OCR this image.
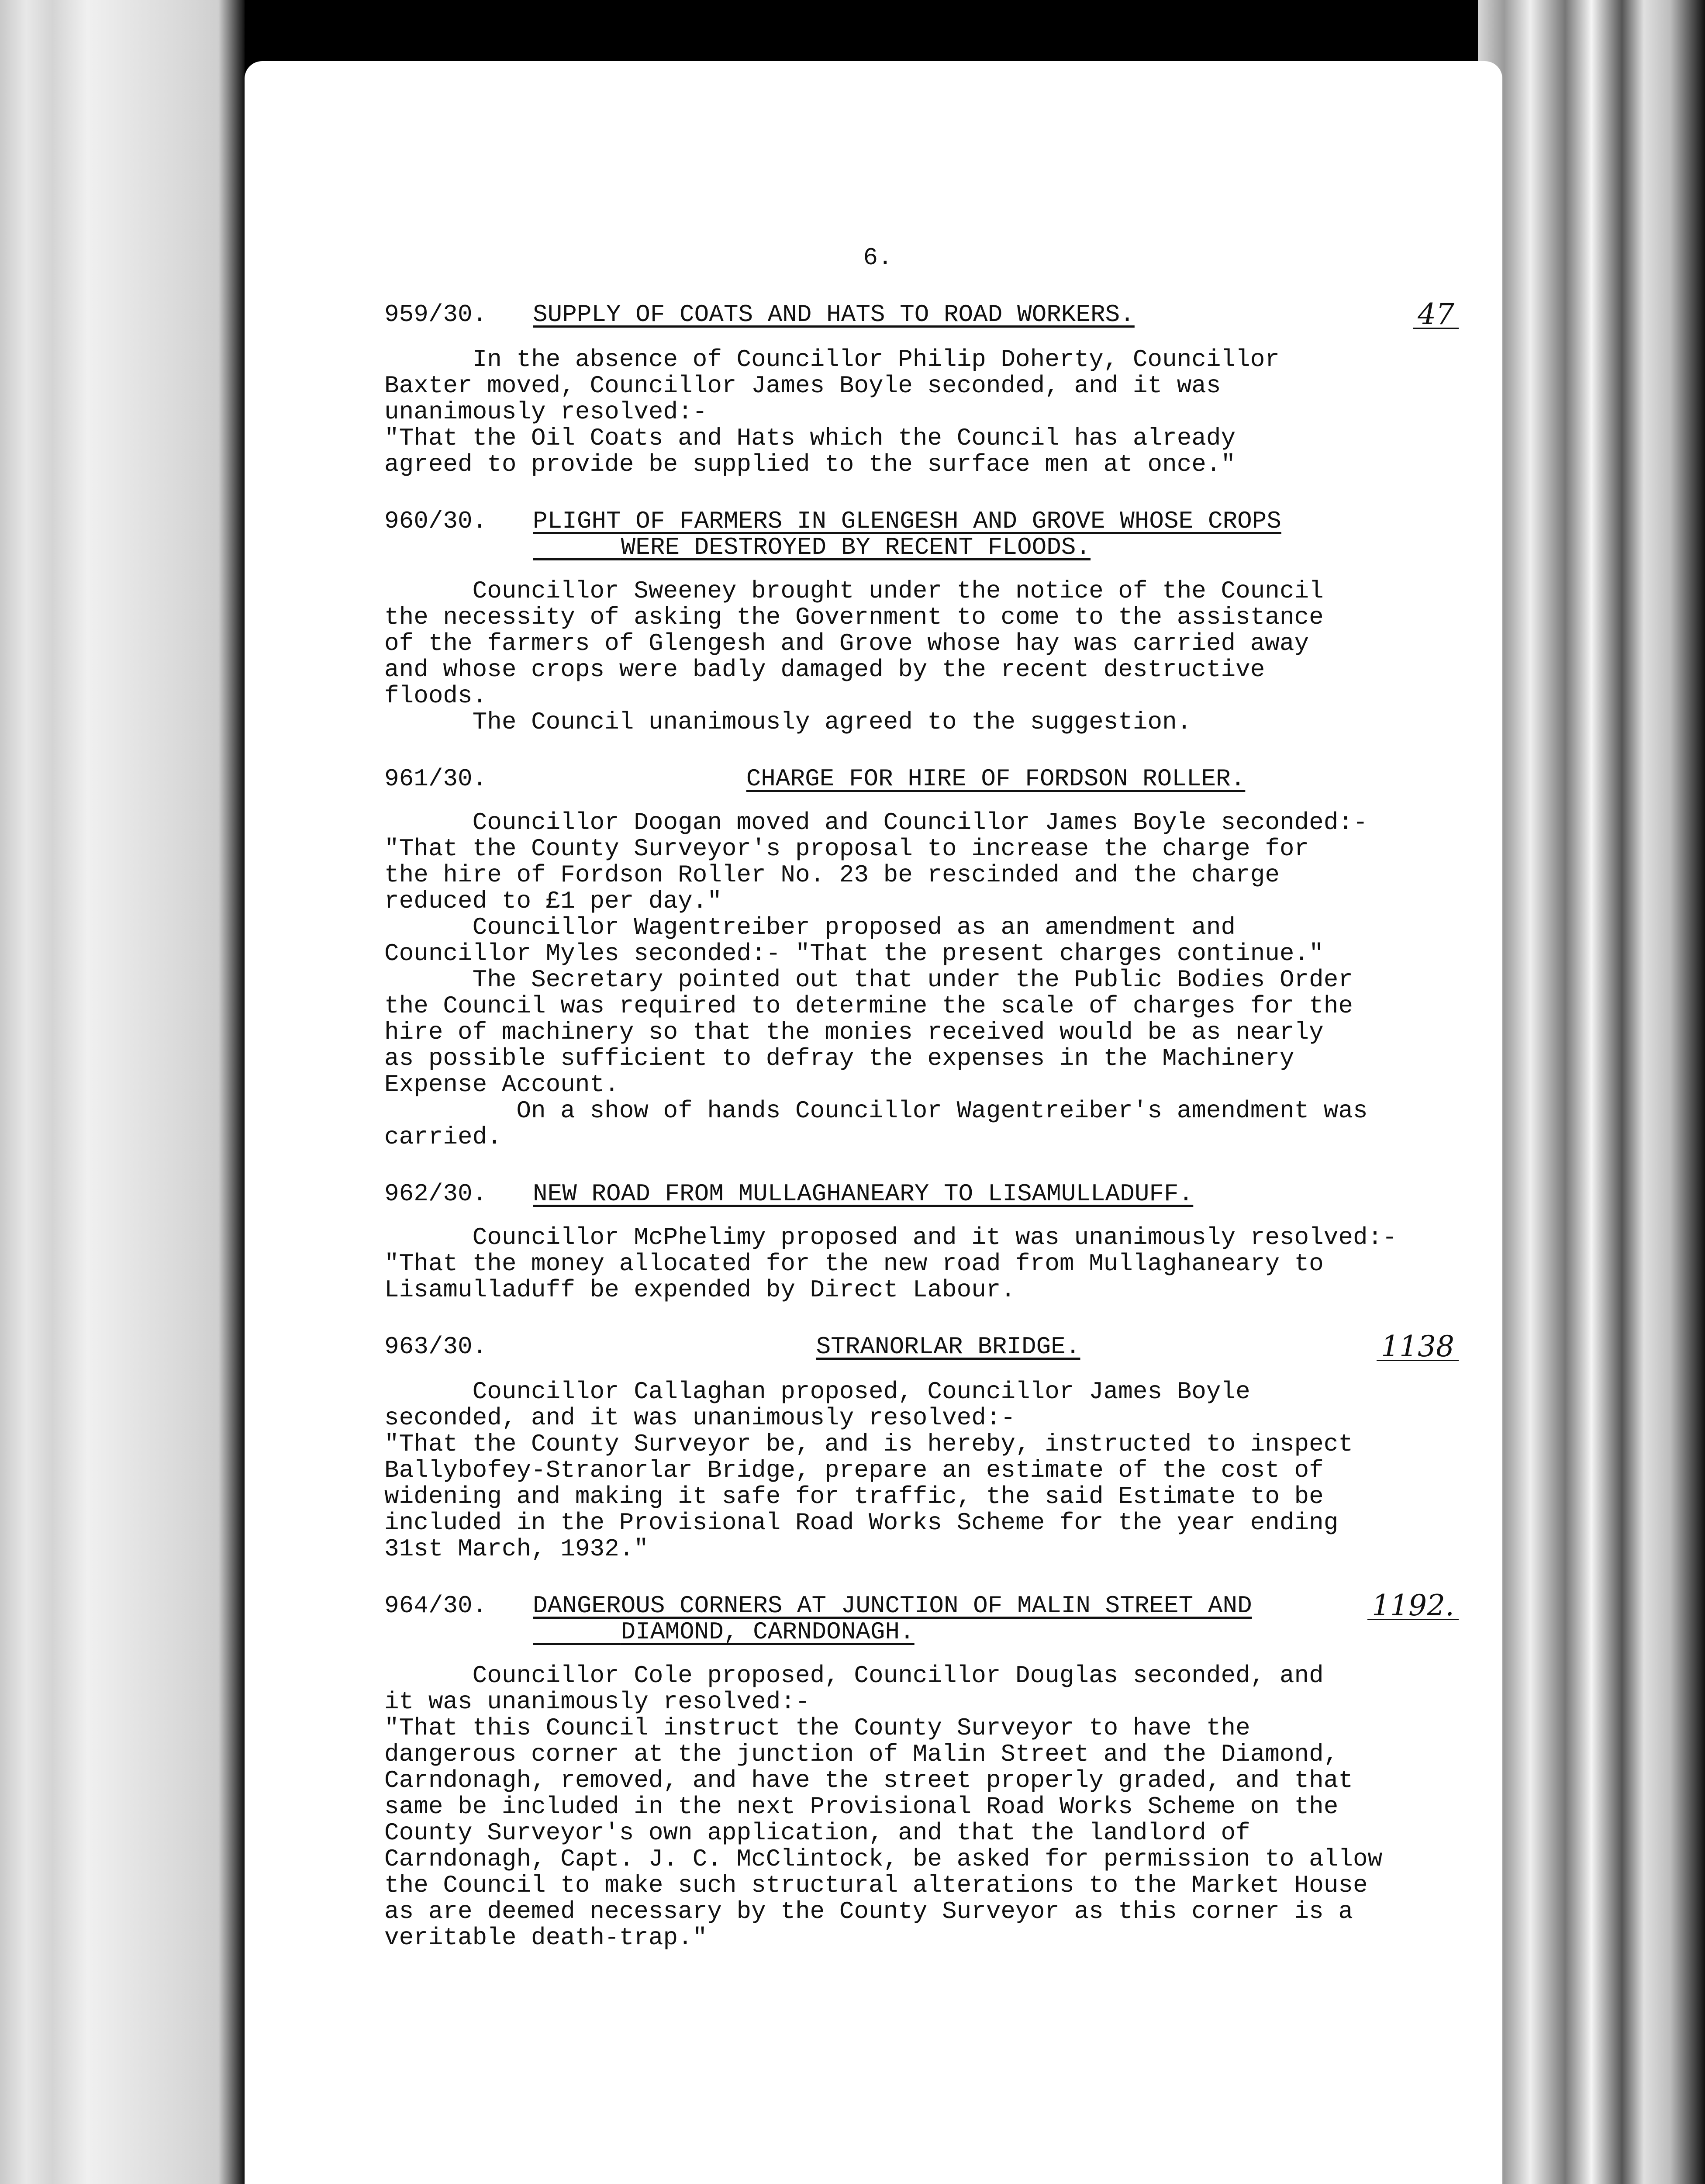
6.
959/30.	SUPPLY OF COATS AND HATS TO ROAD WORKERS.	47
In the absence of Councillor Philip Doherty, Councillor
Baxter moved, Councillor James Boyle seconded, and it was
unanimously resolved:-
"That the Oil Coats and Hats which the Council has already
agreed to provide be supplied to the surface men at once."
960/30.	PLIGHT OF FARMERS IN GLENGESH AND GROVE WHOSE CROPS
WERE DESTROYED BY RECENT FLOODS.
Councillor Sweeney brought under the notice of the Council
the necessity of asking the Government to come to the assistance
of the farmers of Glengesh and Grove whose hay was carried away
and whose crops were badly damaged by the recent destructive
floods.
The Council unanimously agreed to the suggestion.
961/30.	CHARGE FOR HIRE OF FORDSON ROLLER.
Councillor Doogan moved and Councillor James Boyle seconded:-
"That the County Surveyor's proposal to increase the charge for
the hire of Fordson Roller No. 23 be rescinded and the charge
reduced to £1 per day."
Councillor Wagentreiber proposed as an amendment and
Councillor Myles seconded:- "That the present charges continue."
The Secretary pointed out that under the Public Bodies Order
the Council was required to determine the scale of charges for the
hire of machinery so that the monies received would be as nearly
as possible sufficient to defray the expenses in the Machinery
Expense Account.
On a show of hands Councillor Wagentreiber's amendment was
carried.
962/30.	NEW ROAD FROM MULLAGHANEARY TO LISAMULLADUFF.
Councillor McPhelimy proposed and it was unanimously resolved:-
"That the money allocated for the new road from Mullaghaneary to
Lisamulladuff be expended by Direct Labour.
963/30.	STRANORLAR BRIDGE.	1138
Councillor Callaghan proposed, Councillor James Boyle
seconded, and it was unanimously resolved:-
"That the County Surveyor be, and is hereby, instructed to inspect
Ballybofey-Stranorlar Bridge, prepare an estimate of the cost of
widening and making it safe for traffic, the said Estimate to be
included in the Provisional Road Works Scheme for the year ending
31st March, 1932."
964/30.	DANGEROUS CORNERS AT JUNCTION OF MALIN STREET AND
DIAMOND, CARNDONAGH.
1192.
Councillor Cole proposed, Councillor Douglas seconded, and
it was unanimously resolved:-
"That this Council instruct the County Surveyor to have the
dangerous corner at the junction of Malin Street and the Diamond,
Carndonagh, removed, and have the street properly graded, and that
same be included in the next Provisional Road Works Scheme on the
County Surveyor's own application, and that the landlord of
Carndonagh, Capt. J. C. McClintock, be asked for permission to allow
the Council to make such structural alterations to the Market House
as are deemed necessary by the County Surveyor as this corner is a
veritable death-trap."
